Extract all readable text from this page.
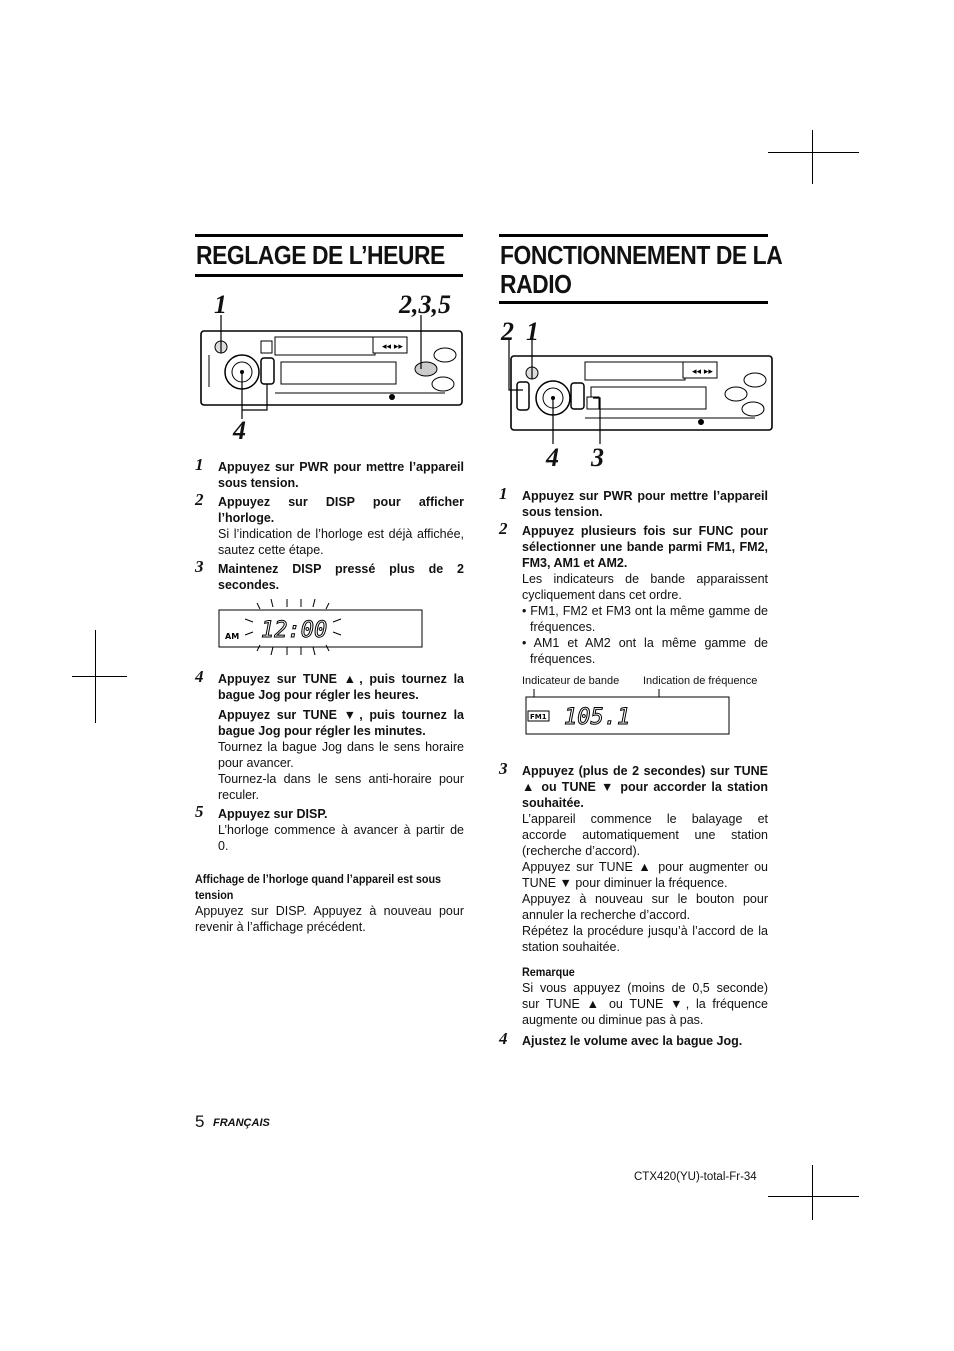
REGLAGE DE L’HEURE
1	2,3,5
4
◂◂ ▸▸
1 Appuyez sur PWR pour mettre l’appareil sous tension.

2 Appuyez sur DISP pour afficher l’horloge.

Si l’indication de l’horloge est déjà affichée, sautez cette étape.

3 Maintenez DISP pressé plus de 2 secondes.

AM 12:00
4 Appuyez sur TUNE ▲, puis tournez la bague Jog pour régler les heures.

Appuyez sur TUNE ▼, puis tournez la bague Jog pour régler les minutes.

Tournez la bague Jog dans le sens horaire pour avancer.

Tournez-la dans le sens anti-horaire pour reculer.

5 Appuyez sur DISP.

L’horloge commence à avancer à partir de 0.

Affichage de l’horloge quand l’appareil est sous tension

Appuyez sur DISP. Appuyez à nouveau pour revenir à l’affichage précédent.

FONCTIONNEMENT DE LA
RADIO
2 1
4 3
◂◂ ▸▸
1 Appuyez sur PWR pour mettre l’appareil sous tension.

2 Appuyez plusieurs fois sur FUNC pour sélectionner une bande parmi FM1, FM2, FM3, AM1 et AM2.

Les indicateurs de bande apparaissent cycliquement dans cet ordre.

• FM1, FM2 et FM3 ont la même gamme de fréquences.

• AM1 et AM2 ont la même gamme de fréquences.

Indicateur de bande Indication de fréquence
FM1 105.1
3 Appuyez (plus de 2 secondes) sur TUNE ▲ ou TUNE ▼ pour accorder la station souhaitée.

L’appareil commence le balayage et accorde automatiquement une station (recherche d’accord).

Appuyez sur TUNE ▲ pour augmenter ou TUNE ▼ pour diminuer la fréquence.

Appuyez à nouveau sur le bouton pour annuler la recherche d’accord.

Répétez la procédure jusqu’à l’accord de la station souhaitée.

Remarque

Si vous appuyez (moins de 0,5 seconde) sur TUNE ▲ ou TUNE ▼, la fréquence augmente ou diminue pas à pas.

4 Ajustez le volume avec la bague Jog.

5 FRANÇAIS
CTX420(YU)-total-Fr-34
